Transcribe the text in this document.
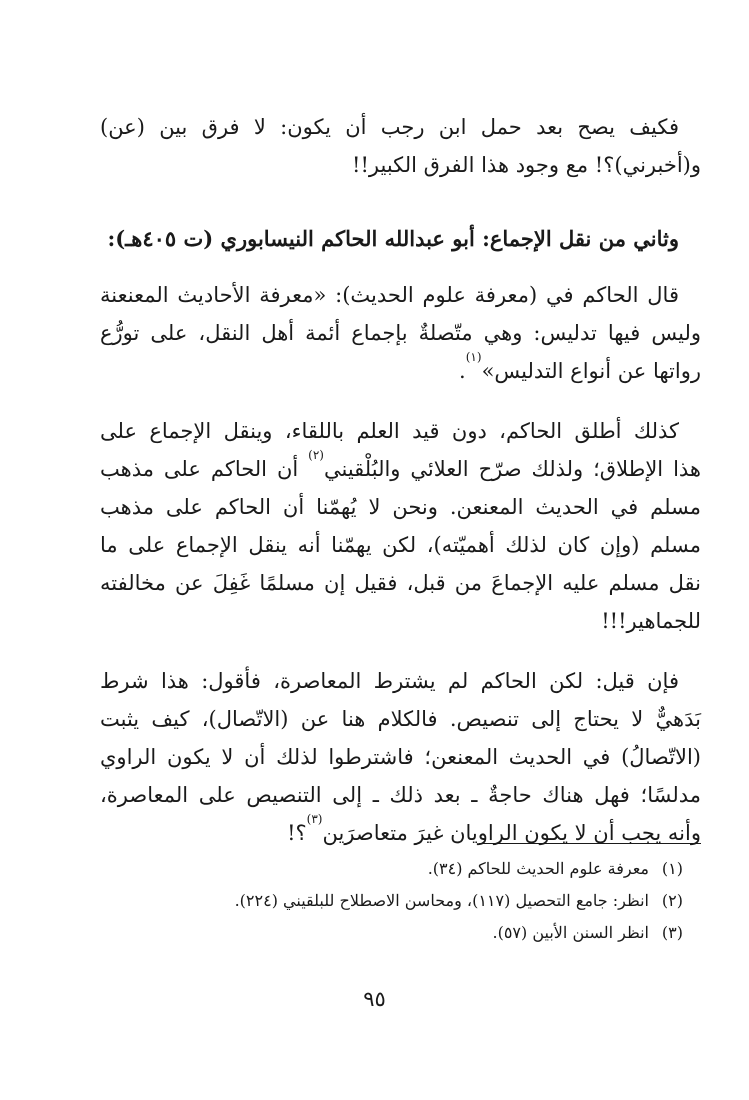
فكيف يصح بعد حمل ابن رجب أن يكون: لا فرق بين (عن)
و(أخبرني)؟! مع وجود هذا الفرق الكبير!!
وثاني من نقل الإجماع: أبو عبدالله الحاكم النيسابوري (ت ٤٠٥هـ):
قال الحاكم في (معرفة علوم الحديث): «معرفة الأحاديث المعنعنة
وليس فيها تدليس: وهي متّصلةٌ بإجماع أئمة أهل النقل، على تورُّع
رواتها عن أنواع التدليس»$^{(١)}$.
كذلك أطلق الحاكم، دون قيد العلم باللقاء، وينقل الإجماع على
هذا الإطلاق؛ ولذلك صرّح العلائي والبُلْقيني$^{(٢)}$ أن الحاكم على مذهب
مسلم في الحديث المعنعن. ونحن لا يُهمّنا أن الحاكم على مذهب
مسلم (وإن كان لذلك أهميّته)، لكن يهمّنا أنه ينقل الإجماع على ما
نقل مسلم عليه الإجماعَ من قبل، فقيل إن مسلمًا غَفِلَ عن مخالفته
للجماهير!!!
فإن قيل: لكن الحاكم لم يشترط المعاصرة، فأقول: هذا شرط
بَدَهيٌّ لا يحتاج إلى تنصيص. فالكلام هنا عن (الاتّصال)، كيف يثبت
(الاتّصالُ) في الحديث المعنعن؛ فاشترطوا لذلك أن لا يكون الراوي
مدلسًا؛ فهل هناك حاجةٌ ـ بعد ذلك ـ إلى التنصيص على المعاصرة،
وأنه يجب أن لا يكون الراويان غيرَ متعاصرَين$^{(٣)}$؟!
(١)
معرفة علوم الحديث للحاكم (٣٤).
(٢)
انظر: جامع التحصيل (١١٧)، ومحاسن الاصطلاح للبلقيني (٢٢٤).
(٣)
انظر السنن الأبين (٥٧).
٩٥
